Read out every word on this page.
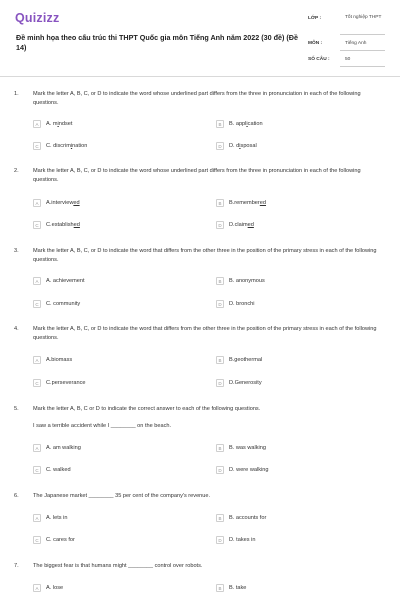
Quizizz
Đề minh họa theo cấu trúc thi THPT Quốc gia môn Tiếng Anh năm 2022 (30 đề) (Đề 14)
LỚP :	Tốt nghiệp THPT
MÔN :	Tiếng Anh
SỐ CÂU :	50
1.	Mark the letter A, B, C, or D to indicate the word whose underlined part differs from the three in pronunciation in each of the following questions.
A	A. mindset	B	B. application
C	C. discrimination	D	D. disposal
2.	Mark the letter A, B, C, or D to indicate the word whose underlined part differs from the three in pronunciation in each of the following questions.
A	A.interviewed	B	B.remembered
C	C.established	D	D.claimed
3.	Mark the letter A, B, C, or D to indicate the word that differs from the other three in the position of the primary stress in each of the following questions.
A	A. achievement	B	B. anonymous
C	C. community	D	D. bronchi
4.	Mark the letter A, B, C, or D to indicate the word that differs from the other three in the position of the primary stress in each of the following questions.
A	A.biomass	B	B.geothermal
C	C.perseverance	D	D.Generosity
5.	Mark the letter A, B, C or D to indicate the correct answer to each of the following questions.
I saw a terrible accident while I ________ on the beach.
A	A. am walking	B	B. was walking
C	C. walked	D	D. were walking
6.	The Japanese market ________ 35 per cent of the company's revenue.
A	A. lets in	B	B. accounts for
C	C. cares for	D	D. takes in
7.	The biggest fear is that humans might ________ control over robots.
A	A. lose	B	B. take
